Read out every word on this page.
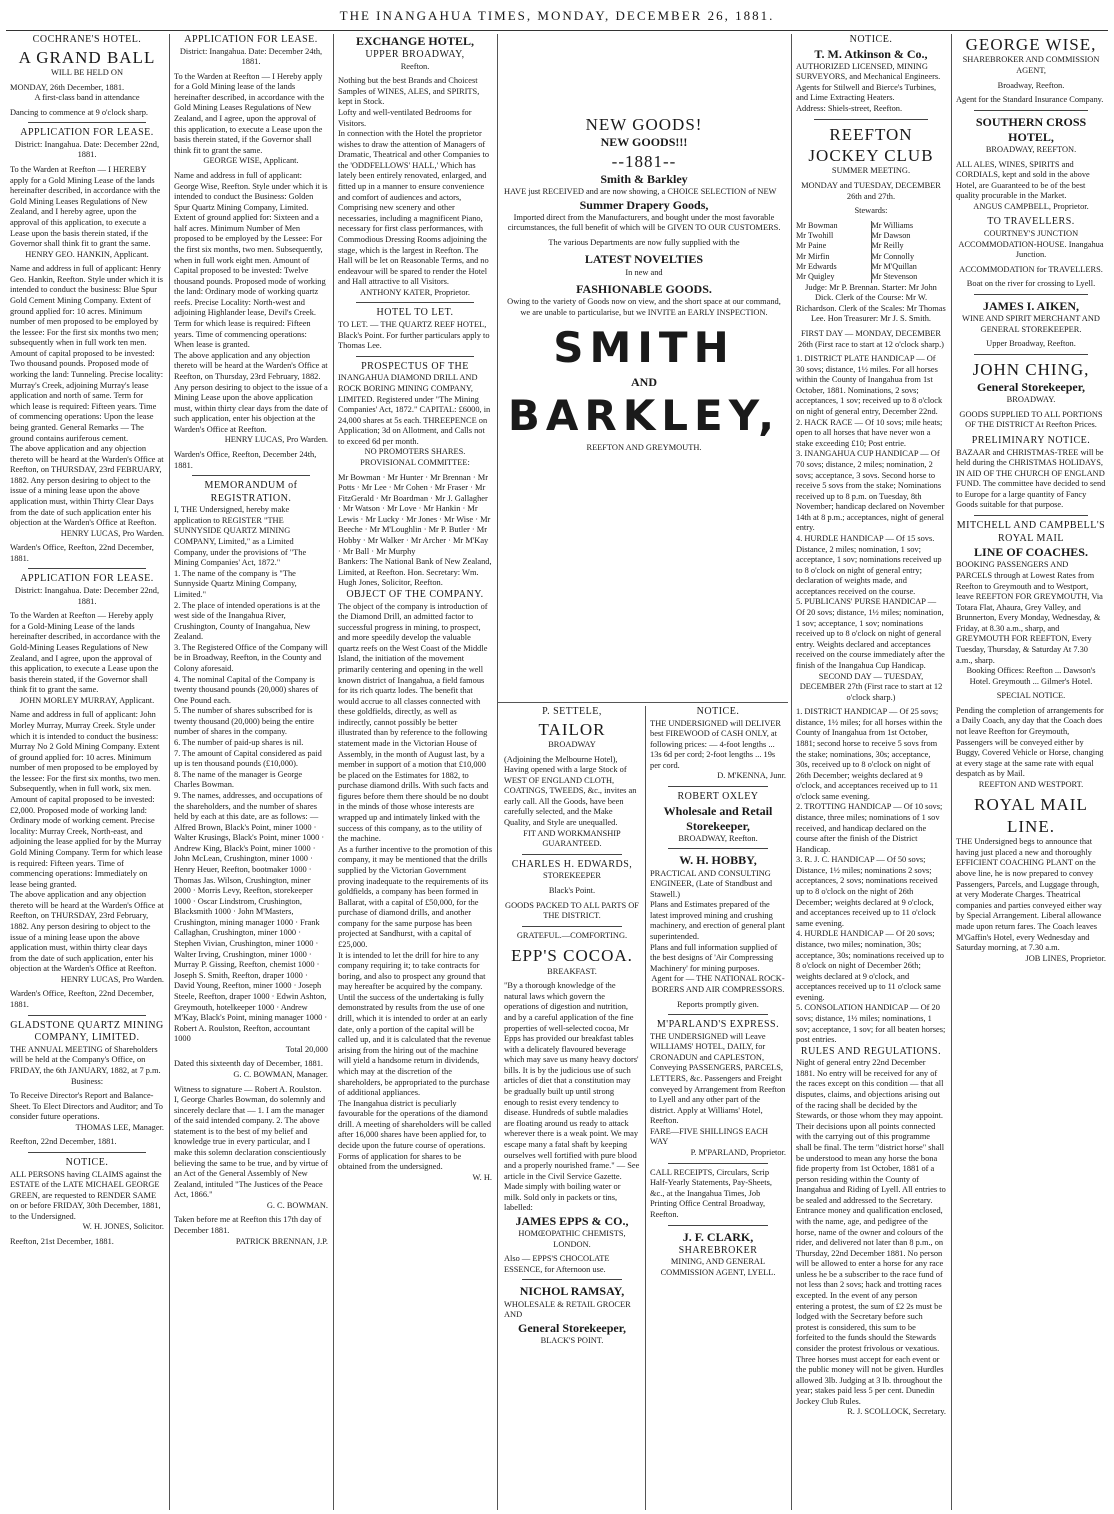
THE INANGAHUA TIMES, MONDAY, DECEMBER 26, 1881.

COCHRANE'S HOTEL.

A GRAND BALL

WILL BE HELD ON

MONDAY, 26th December, 1881.

A first-class band in attendance

Dancing to commence at 9 o'clock sharp.

APPLICATION FOR LEASE.

District: Inangahua. Date: December 22nd, 1881.

To the Warden at Reefton — I HEREBY apply for a Gold Mining Lease of the lands hereinafter described, in accordance with the Gold Mining Leases Regulations of New Zealand, and I hereby agree, upon the approval of this application, to execute a Lease upon the basis therein stated, if the Governor shall think fit to grant the same.

HENRY GEO. HANKIN, Applicant.

Name and address in full of applicant: Henry Geo. Hankin, Reefton. Style under which it is intended to conduct the business: Blue Spur Gold Cement Mining Company. Extent of ground applied for: 10 acres. Minimum number of men proposed to be employed by the lessee: For the first six months two men; subsequently when in full work ten men. Amount of capital proposed to be invested: Two thousand pounds. Proposed mode of working the land: Tunneling. Precise locality: Murray's Creek, adjoining Murray's lease application and north of same. Term for which lease is required: Fifteen years. Time of commencing operations: Upon the lease being granted. General Remarks — The ground contains auriferous cement.

The above application and any objection thereto will be heard at the Warden's Office at Reefton, on THURSDAY, 23rd FEBRUARY, 1882. Any person desiring to object to the issue of a mining lease upon the above application must, within Thirty Clear Days from the date of such application enter his objection at the Warden's Office at Reefton.

HENRY LUCAS, Pro Warden.

Warden's Office, Reefton, 22nd December, 1881.

APPLICATION FOR LEASE.

District: Inangahua. Date: December 22nd, 1881.

To the Warden at Reefton — Hereby apply for a Gold-Mining Lease of the lands hereinafter described, in accordance with the Gold-Mining Leases Regulations of New Zealand, and I agree, upon the approval of this application, to execute a Lease upon the basis therein stated, if the Governor shall think fit to grant the same.

JOHN MORLEY MURRAY, Applicant.

Name and address in full of applicant: John Morley Murray, Murray Creek. Style under which it is intended to conduct the business: Murray No 2 Gold Mining Company. Extent of ground applied for: 10 acres. Minimum number of men proposed to be employed by the lessee: For the first six months, two men. Subsequently, when in full work, six men. Amount of capital proposed to be invested: £2,000. Proposed mode of working land: Ordinary mode of working cement. Precise locality: Murray Creek, North-east, and adjoining the lease applied for by the Murray Gold Mining Company. Term for which lease is required: Fifteen years. Time of commencing operations: Immediately on lease being granted.

The above application and any objection thereto will be heard at the Warden's Office at Reefton, on THURSDAY, 23rd February, 1882. Any person desiring to object to the issue of a mining lease upon the above application must, within thirty clear days from the date of such application, enter his objection at the Warden's Office at Reefton.

HENRY LUCAS, Pro Warden.

Warden's Office, Reefton, 22nd December, 1881.

GLADSTONE QUARTZ MINING COMPANY, LIMITED.

THE ANNUAL MEETING of Shareholders will be held at the Company's Office, on FRIDAY, the 6th JANUARY, 1882, at 7 p.m.

Business:

To Receive Director's Report and Balance-Sheet. To Elect Directors and Auditor; and To consider future operations.

THOMAS LEE, Manager.

Reefton, 22nd December, 1881.

NOTICE.

ALL PERSONS having CLAIMS against the ESTATE of the LATE MICHAEL GEORGE GREEN, are requested to RENDER SAME on or before FRIDAY, 30th December, 1881, to the Undersigned.

W. H. JONES, Solicitor.

Reefton, 21st December, 1881.

APPLICATION FOR LEASE.

District: Inangahua. Date: December 24th, 1881.

To the Warden at Reefton — I Hereby apply for a Gold Mining lease of the lands hereinafter described, in accordance with the Gold Mining Leases Regulations of New Zealand, and I agree, upon the approval of this application, to execute a Lease upon the basis therein stated, if the Governor shall think fit to grant the same.

GEORGE WISE, Applicant.

Name and address in full of applicant: George Wise, Reefton. Style under which it is intended to conduct the Business: Golden Spur Quartz Mining Company, Limited. Extent of ground applied for: Sixteen and a half acres. Minimum Number of Men proposed to be employed by the Lessee: For the first six months, two men. Subsequently, when in full work eight men. Amount of Capital proposed to be invested: Twelve thousand pounds. Proposed mode of working the land: Ordinary mode of working quartz reefs. Precise Locality: North-west and adjoining Highlander lease, Devil's Creek. Term for which lease is required: Fifteen years. Time of commencing operations: When lease is granted.

The above application and any objection thereto will be heard at the Warden's Office at Reefton, on Thursday, 23rd February, 1882. Any person desiring to object to the issue of a Mining Lease upon the above application must, within thirty clear days from the date of such application, enter his objection at the Warden's Office at Reefton.

HENRY LUCAS, Pro Warden.

Warden's Office, Reefton, December 24th, 1881.

MEMORANDUM of REGISTRATION.

I, THE Undersigned, hereby make application to REGISTER "THE SUNNYSIDE QUARTZ MINING COMPANY, Limited," as a Limited Company, under the provisions of "The Mining Companies' Act, 1872."

1. The name of the company is "The Sunnyside Quartz Mining Company, Limited."

2. The place of intended operations is at the west side of the Inangahua River, Crushington, County of Inangahua, New Zealand.

3. The Registered Office of the Company will be in Broadway, Reefton, in the County and Colony aforesaid.

4. The nominal Capital of the Company is twenty thousand pounds (20,000) shares of One Pound each.

5. The number of shares subscribed for is twenty thousand (20,000) being the entire number of shares in the company.

6. The number of paid-up shares is nil.

7. The amount of Capital considered as paid up is ten thousand pounds (£10,000).

8. The name of the manager is George Charles Bowman.

9. The names, addresses, and occupations of the shareholders, and the number of shares held by each at this date, are as follows: —

Alfred Brown, Black's Point, miner 1000 · Walter Krusings, Black's Point, miner 1000 · Andrew King, Black's Point, miner 1000 · John McLean, Crushington, miner 1000 · Henry Heuer, Reefton, bootmaker 1000 · Thomas Jas. Wilson, Crushington, miner 2000 · Morris Levy, Reefton, storekeeper 1000 · Oscar Lindstrom, Crushington, Blacksmith 1000 · John M'Masters, Crushington, mining manager 1000 · Frank Callaghan, Crushington, miner 1000 · Stephen Vivian, Crushington, miner 1000 · Walter Irving, Crushington, miner 1000 · Murray P. Gissing, Reefton, chemist 1000 · Joseph S. Smith, Reefton, draper 1000 · David Young, Reefton, miner 1000 · Joseph Steele, Reefton, draper 1000 · Edwin Ashton, Greymouth, hotelkeeper 1000 · Andrew M'Kay, Black's Point, mining manager 1000 · Robert A. Roulston, Reefton, accountant 1000

Total 20,000

Dated this sixteenth day of December, 1881.

G. C. BOWMAN, Manager.

Witness to signature — Robert A. Roulston.

I, George Charles Bowman, do solemnly and sincerely declare that — 1. I am the manager of the said intended company. 2. The above statement is to the best of my belief and knowledge true in every particular, and I make this solemn declaration conscientiously believing the same to be true, and by virtue of an Act of the General Assembly of New Zealand, intituled "The Justices of the Peace Act, 1866."

G. C. BOWMAN.

Taken before me at Reefton this 17th day of December 1881.

PATRICK BRENNAN, J.P.

EXCHANGE HOTEL,

UPPER BROADWAY,

Reefton.

Nothing but the best Brands and Choicest Samples of WINES, ALES, and SPIRITS, kept in Stock.

Lofty and well-ventilated Bedrooms for Visitors.

In connection with the Hotel the proprietor wishes to draw the attention of Managers of Dramatic, Theatrical and other Companies to the 'ODDFELLOWS' HALL,' Which has lately been entirely renovated, enlarged, and fitted up in a manner to ensure convenience and comfort of audiences and actors, Comprising new scenery and other necessaries, including a magnificent Piano, necessary for first class performances, with Commodious Dressing Rooms adjoining the stage, which is the largest in Reefton. The Hall will be let on Reasonable Terms, and no endeavour will be spared to render the Hotel and Hall attractive to all Visitors.

ANTHONY KATER, Proprietor.

HOTEL TO LET.

TO LET. — THE QUARTZ REEF HOTEL, Black's Point. For further particulars apply to Thomas Lee.

PROSPECTUS OF THE

INANGAHUA DIAMOND DRILL AND ROCK BORING MINING COMPANY, LIMITED. Registered under "The Mining Companies' Act, 1872." CAPITAL: £6000, in 24,000 shares at 5s each. THREEPENCE on Application; 3d on Allotment, and Calls not to exceed 6d per month.

NO PROMOTERS SHARES. PROVISIONAL COMMITTEE:

Mr Bowman · Mr Hunter · Mr Brennan · Mr Potts · Mr Lee · Mr Cohen · Mr Fraser · Mr FitzGerald · Mr Boardman · Mr J. Gallagher · Mr Watson · Mr Love · Mr Hankin · Mr Lewis · Mr Lucky · Mr Jones · Mr Wise · Mr Beeche · Mr M'Loughlin · Mr P. Butler · Mr Hobby · Mr Walker · Mr Archer · Mr M'Kay · Mr Ball · Mr Murphy

Bankers: The National Bank of New Zealand, Limited, at Reefton. Hon. Secretary: Wm. Hugh Jones, Solicitor, Reefton.

OBJECT OF THE COMPANY.

The object of the company is introduction of the Diamond Drill, an admitted factor to successful progress in mining, to prospect, and more speedily develop the valuable quartz reefs on the West Coast of the Middle Island, the initiation of the movement primarily centering and opening in the well known district of Inangahua, a field famous for its rich quartz lodes. The benefit that would accrue to all classes connected with these goldfields, directly, as well as indirectly, cannot possibly be better illustrated than by reference to the following statement made in the Victorian House of Assembly, in the month of August last, by a member in support of a motion that £10,000 be placed on the Estimates for 1882, to purchase diamond drills. With such facts and figures before them there should be no doubt in the minds of those whose interests are wrapped up and intimately linked with the success of this company, as to the utility of the machine.

As a further incentive to the promotion of this company, it may be mentioned that the drills supplied by the Victorian Government proving inadequate to the requirements of its goldfields, a company has been formed in Ballarat, with a capital of £50,000, for the purchase of diamond drills, and another company for the same purpose has been projected at Sandhurst, with a capital of £25,000.

It is intended to let the drill for hire to any company requiring it; to take contracts for boring, and also to prospect any ground that may hereafter be acquired by the company. Until the success of the undertaking is fully demonstrated by results from the use of one drill, which it is intended to order at an early date, only a portion of the capital will be called up, and it is calculated that the revenue arising from the hiring out of the machine will yield a handsome return in dividends, which may at the discretion of the shareholders, be appropriated to the purchase of additional appliances.

The Inangahua district is peculiarly favourable for the operations of the diamond drill. A meeting of shareholders will be called after 16,000 shares have been applied for, to decide upon the future course of operations. Forms of application for shares to be obtained from the undersigned.

W. H.

NEW GOODS!

NEW GOODS!!!

--1881--

Smith & Barkley

HAVE just RECEIVED and are now showing, a CHOICE SELECTION of NEW

Summer Drapery Goods,

Imported direct from the Manufacturers, and bought under the most favorable circumstances, the full benefit of which will be GIVEN TO OUR CUSTOMERS.

The various Departments are now fully supplied with the

LATEST NOVELTIES

In new and

FASHIONABLE GOODS.

Owing to the variety of Goods now on view, and the short space at our command, we are unable to particularise, but we INVITE an EARLY INSPECTION.

SMITH

AND

BARKLEY,

REEFTON AND GREYMOUTH.

P. SETTELE,

TAILOR

BROADWAY

(Adjoining the Melbourne Hotel), Having opened with a large Stock of WEST OF ENGLAND CLOTH, COATINGS, TWEEDS, &c., invites an early call. All the Goods, have been carefully selected, and the Make Quality, and Style are unequalled.

FIT AND WORKMANSHIP GUARANTEED.

CHARLES H. EDWARDS,

STOREKEEPER

Black's Point.

GOODS PACKED TO ALL PARTS OF THE DISTRICT.

GRATEFUL.—COMFORTING.

EPP'S COCOA.

BREAKFAST.

"By a thorough knowledge of the natural laws which govern the operations of digestion and nutrition, and by a careful application of the fine properties of well-selected cocoa, Mr Epps has provided our breakfast tables with a delicately flavoured beverage which may save us many heavy doctors' bills. It is by the judicious use of such articles of diet that a constitution may be gradually built up until strong enough to resist every tendency to disease. Hundreds of subtle maladies are floating around us ready to attack wherever there is a weak point. We may escape many a fatal shaft by keeping ourselves well fortified with pure blood and a properly nourished frame." — See article in the Civil Service Gazette. Made simply with boiling water or milk. Sold only in packets or tins, labelled:

JAMES EPPS & CO.,

HOMŒOPATHIC CHEMISTS, LONDON.

Also — EPPS'S CHOCOLATE ESSENCE, for Afternoon use.

NICHOL RAMSAY,

WHOLESALE & RETAIL GROCER AND

General Storekeeper,

BLACK'S POINT.

NOTICE.

THE UNDERSIGNED will DELIVER best FIREWOOD of CASH ONLY, at following prices: — 4-foot lengths ... 13s 6d per cord; 2-foot lengths ... 19s per cord.

D. M'KENNA, Junr.

ROBERT OXLEY

Wholesale and Retail Storekeeper,

BROADWAY, Reefton.

W. H. HOBBY,

PRACTICAL AND CONSULTING ENGINEER, (Late of Standbust and Stawell.)

Plans and Estimates prepared of the latest improved mining and crushing machinery, and erection of general plant superintended.

Plans and full information supplied of the best designs of 'Air Compressing Machinery' for mining purposes.

Agent for — THE NATIONAL ROCK-BORERS AND AIR COMPRESSORS.

Reports promptly given.

M'PARLAND'S EXPRESS.

THE UNDERSIGNED will Leave WILLIAMS' HOTEL, DAILY, for CRONADUN and CAPLESTON, Conveying PASSENGERS, PARCELS, LETTERS, &c. Passengers and Freight conveyed by Arrangement from Reefton to Lyell and any other part of the district. Apply at Williams' Hotel, Reefton.

FARE—FIVE SHILLINGS EACH WAY

P. M'PARLAND, Proprietor.

CALL RECEIPTS, Circulars, Scrip Half-Yearly Statements, Pay-Sheets, &c., at the Inangahua Times, Job Printing Office Central Broadway, Reefton.

J. F. CLARK,

SHAREBROKER

MINING, AND GENERAL COMMISSION AGENT, LYELL.

NOTICE.

T. M. Atkinson & Co.,

AUTHORIZED LICENSED, MINING SURVEYORS, and Mechanical Engineers.

Agents for Stilwell and Bierce's Turbines, and Lime Extracting Heaters.

Address: Shiels-street, Reefton.

REEFTON JOCKEY CLUB

SUMMER MEETING.

MONDAY and TUESDAY, DECEMBER 26th and 27th.

Stewards:

Mr Bowman
Mr Twohill
Mr Paine
Mr Mirfin
Mr Edwards
Mr Quigley
Mr Williams
Mr Dawson
Mr Reilly
Mr Connolly
Mr M'Quillan
Mr Stevenson

Judge: Mr P. Brennan. Starter: Mr John Dick. Clerk of the Course: Mr W. Richardson. Clerk of the Scales: Mr Thomas Lee. Hon Treasurer: Mr J. S. Smith.

FIRST DAY — MONDAY, DECEMBER 26th (First race to start at 12 o'clock sharp.)

1. DISTRICT PLATE HANDICAP — Of 30 sovs; distance, 1½ miles. For all horses within the County of Inangahua from 1st October, 1881. Nominations, 2 sovs; acceptances, 1 sov; received up to 8 o'clock on night of general entry, December 22nd.

2. HACK RACE — Of 10 sovs; mile heats; open to all horses that have never won a stake exceeding £10; Post entrie.

3. INANGAHUA CUP HANDICAP — Of 70 sovs; distance, 2 miles; nomination, 2 sovs; acceptance, 3 sovs. Second horse to receive 5 sovs from the stake; Nominations received up to 8 p.m. on Tuesday, 8th November; handicap declared on November 14th at 8 p.m.; acceptances, night of general entry.

4. HURDLE HANDICAP — Of 15 sovs. Distance, 2 miles; nomination, 1 sov; acceptance, 1 sov; nominations received up to 8 o'clock on night of general entry; declaration of weights made, and acceptances received on the course.

5. PUBLICANS' PURSE HANDICAP — Of 20 sovs; distance, 1½ miles; nomination, 1 sov; acceptance, 1 sov; nominations received up to 8 o'clock on night of general entry. Weights declared and acceptances received on the course immediately after the finish of the Inangahua Cup Handicap.

SECOND DAY — TUESDAY, DECEMBER 27th (First race to start at 12 o'clock sharp.)

1. DISTRICT HANDICAP — Of 25 sovs; distance, 1½ miles; for all horses within the County of Inangahua from 1st October, 1881; second horse to receive 5 sovs from the stake; nominations, 30s; acceptance, 30s, received up to 8 o'clock on night of 26th December; weights declared at 9 o'clock, and acceptances received up to 11 o'clock same evening.

2. TROTTING HANDICAP — Of 10 sovs; distance, three miles; nominations of 1 sov received, and handicap declared on the course after the finish of the District Handicap.

3. R. J. C. HANDICAP — Of 50 sovs; Distance, 1½ miles; nominations 2 sovs; acceptances, 2 sovs; nominations received up to 8 o'clock on the night of 26th December; weights declared at 9 o'clock, and acceptances received up to 11 o'clock same evening.

4. HURDLE HANDICAP — Of 20 sovs; distance, two miles; nomination, 30s; acceptance, 30s; nominations received up to 8 o'clock on night of December 26th; weights declared at 9 o'clock, and acceptances received up to 11 o'clock same evening.

5. CONSOLATION HANDICAP — Of 20 sovs; distance, 1½ miles; nominations, 1 sov; acceptance, 1 sov; for all beaten horses; post entries.

RULES AND REGULATIONS.

Night of general entry 22nd December 1881. No entry will be received for any of the races except on this condition — that all disputes, claims, and objections arising out of the racing shall be decided by the Stewards, or those whom they may appoint. Their decisions upon all points connected with the carrying out of this programme shall be final. The term "district horse" shall be understood to mean any horse the bona fide property from 1st October, 1881 of a person residing within the County of Inangahua and Riding of Lyell. All entries to be sealed and addressed to the Secretary. Entrance money and qualification enclosed, with the name, age, and pedigree of the horse, name of the owner and colours of the rider, and delivered not later than 8 p.m., on Thursday, 22nd December 1881. No person will be allowed to enter a horse for any race unless he be a subscriber to the race fund of not less than 2 sovs; hack and trotting races excepted. In the event of any person entering a protest, the sum of £2 2s must be lodged with the Secretary before such protest is considered, this sum to be forfeited to the funds should the Stewards consider the protest frivolous or vexatious. Three horses must accept for each event or the public money will not be given. Hurdles allowed 3lb. Judging at 3 lb. throughout the year; stakes paid less 5 per cent. Dunedin Jockey Club Rules.

R. J. SCOLLOCK, Secretary.

GEORGE WISE,

SHAREBROKER AND COMMISSION AGENT,

Broadway, Reefton.

Agent for the Standard Insurance Company.

SOUTHERN CROSS HOTEL,

BROADWAY, REEFTON.

ALL ALES, WINES, SPIRITS and CORDIALS, kept and sold in the above Hotel, are Guaranteed to be of the best quality procurable in the Market.

ANGUS CAMPBELL, Proprietor.

TO TRAVELLERS.

COURTNEY'S JUNCTION ACCOMMODATION-HOUSE. Inangahua Junction.

ACCOMMODATION for TRAVELLERS.

Boat on the river for crossing to Lyell.

JAMES I. AIKEN,

WINE AND SPIRIT MERCHANT AND GENERAL STOREKEEPER.

Upper Broadway, Reefton.

JOHN CHING,

General Storekeeper,

BROADWAY.

GOODS SUPPLIED TO ALL PORTIONS OF THE DISTRICT At Reefton Prices.

PRELIMINARY NOTICE.

BAZAAR and CHRISTMAS-TREE will be held during the CHRISTMAS HOLIDAYS, IN AID OF THE CHURCH OF ENGLAND FUND. The committee have decided to send to Europe for a large quantity of Fancy Goods suitable for that purpose.

MITCHELL AND CAMPBELL'S ROYAL MAIL

LINE OF COACHES.

BOOKING PASSENGERS AND PARCELS through at Lowest Rates from Reefton to Greymouth and to Westport, leave REEFTON FOR GREYMOUTH, Via Totara Flat, Ahaura, Grey Valley, and Brunnerton, Every Monday, Wednesday, & Friday, at 8.30 a.m., sharp, and GREYMOUTH FOR REEFTON, Every Tuesday, Thursday, & Saturday At 7.30 a.m., sharp.

Booking Offices: Reefton ... Dawson's Hotel. Greymouth ... Gilmer's Hotel.

SPECIAL NOTICE.

Pending the completion of arrangements for a Daily Coach, any day that the Coach does not leave Reefton for Greymouth, Passengers will be conveyed either by Buggy, Covered Vehicle or Horse, changing at every stage at the same rate with equal despatch as by Mail.

REEFTON AND WESTPORT.

ROYAL MAIL LINE.

THE Undersigned begs to announce that having just placed a new and thoroughly EFFICIENT COACHING PLANT on the above line, he is now prepared to convey Passengers, Parcels, and Luggage through, at very Moderate Charges. Theatrical companies and parties conveyed either way by Special Arrangement. Liberal allowance made upon return fares. The Coach leaves M'Gaffin's Hotel, every Wednesday and Saturday morning, at 7.30 a.m.

JOB LINES, Proprietor.
